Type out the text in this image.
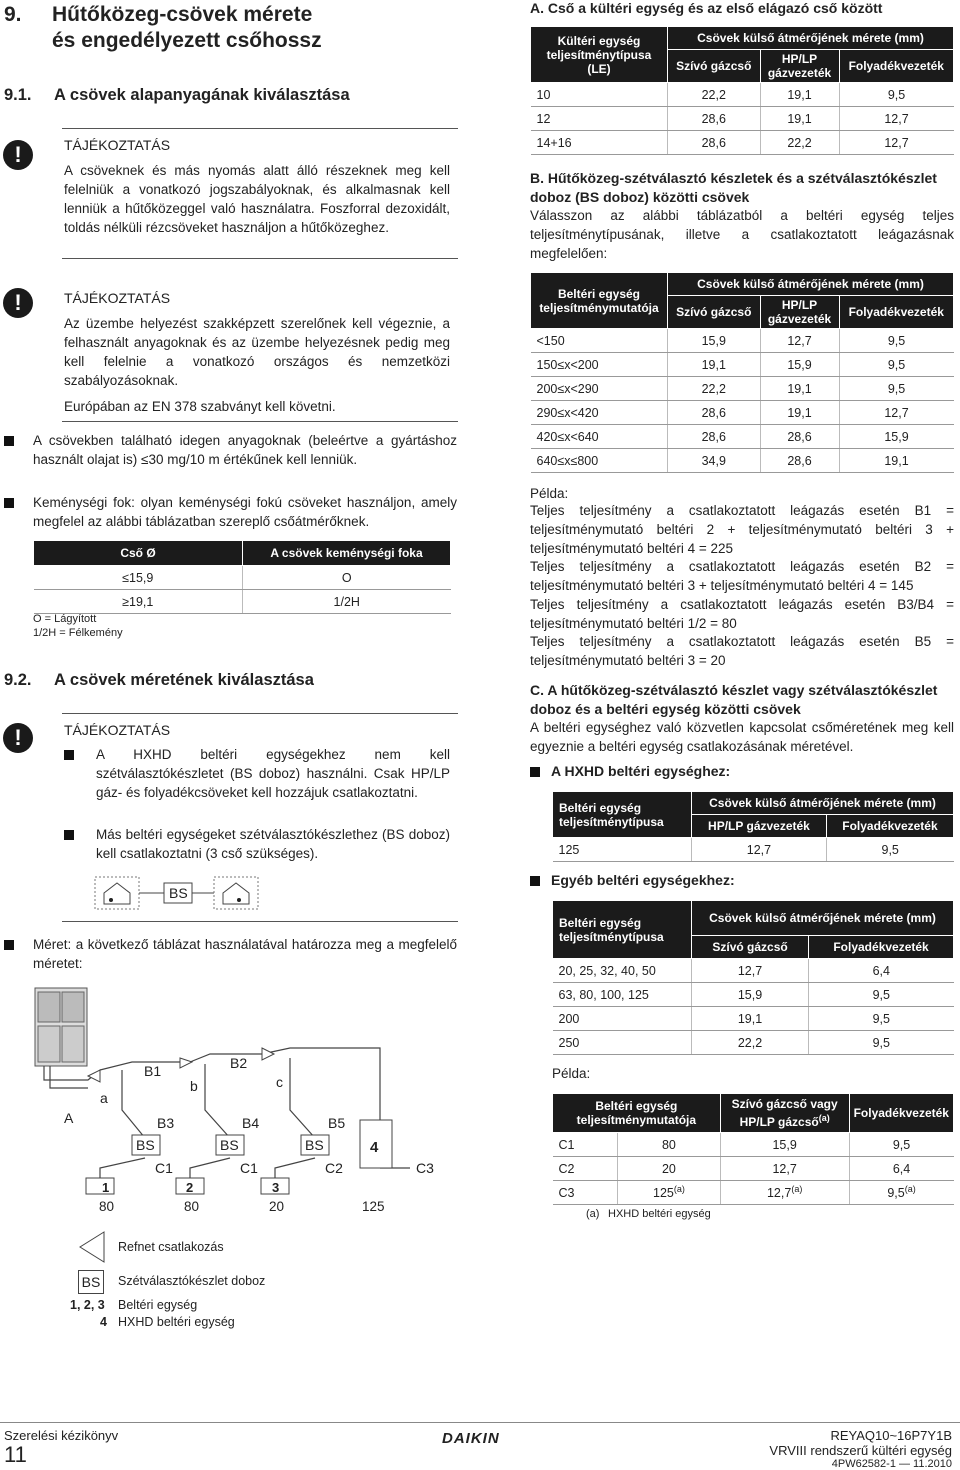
9. Hűtőközeg-csövek mérete
és engedélyezett csőhossz
9.1. A csövek alapanyagának kiválasztása
!	TÁJÉKOZTATÁS
A csöveknek és más nyomás alatt álló részeknek meg kell felelniük a vonatkozó jogszabályoknak, és alkalmasnak kell lenniük a hűtőközeggel való használatra. Foszforral dezoxidált, toldás nélküli rézcsöveket használjon a hűtőközeghez.
!	TÁJÉKOZTATÁS
Az üzembe helyezést szakképzett szerelőnek kell végeznie, a felhasznált anyagoknak és az üzembe helyezésnek pedig meg kell felelnie a vonatkozó országos és nemzetközi szabályozásoknak.
Európában az EN 378 szabványt kell követni.
A csövekben található idegen anyagoknak (beleértve a gyártáshoz használt olajat is) ≤30 mg/10 m értékűnek kell lenniük.
Keménységi fok: olyan keménységi fokú csöveket használjon, amely megfelel az alábbi táblázatban szereplő csőátmérőknek.
Cső Ø	A csövek keménységi foka
≤15,9	O
≥19,1	1/2H
O = Lágyított
1/2H = Félkemény
9.2. A csövek méretének kiválasztása
!	TÁJÉKOZTATÁS
A HXHD beltéri egységekhez nem kell szétválasztókészletet (BS doboz) használni. Csak HP/LP gáz- és folyadékcsöveket kell hozzájuk csatlakoztatni.
Más beltéri egységeket szétválasztókészlethez (BS doboz) kell csatlakoztatni (3 cső szükséges).
BS
Méret: a következő táblázat használatával határozza meg a megfelelő méretet:
A
a
b	c
B1	B2
B3	B4	B5
BS	BS	BS
C1	C1	C2	C3
4
1	2	3
80	80	20	125
Refnet csatlakozás
BS Szétválasztókészlet doboz
1, 2, 3 Beltéri egység
4 HXHD beltéri egység
A. Cső a kültéri egység és az első elágazó cső között
Kültéri egység teljesítménytípusa (LE)	Csövek külső átmérőjének mérete (mm)		
	Szívó gázcső	HP/LP gázvezeték	Folyadékvezeték
10	22,2	19,1	9,5
12	28,6	19,1	12,7
14+16	28,6	22,2	12,7
B. Hűtőközeg-szétválasztó készletek és a szétválasztókészlet doboz (BS doboz) közötti csövek
Válasszon az alábbi táblázatból a beltéri egység teljes teljesítménytípusának, illetve a csatlakoztatott leágazásnak megfelelően:
Beltéri egység teljesítménymutatója	Csövek külső átmérőjének mérete (mm)		
	Szívó gázcső	HP/LP gázvezeték	Folyadékvezeték
<150	15,9	12,7	9,5
150≤x<200	19,1	15,9	9,5
200≤x<290	22,2	19,1	9,5
290≤x<420	28,6	19,1	12,7
420≤x<640	28,6	28,6	15,9
640≤x≤800	34,9	28,6	19,1
Példa:
Teljes teljesítmény a csatlakoztatott leágazás esetén B1 = teljesítménymutató beltéri 2 + teljesítménymutató beltéri 3 + teljesítménymutató beltéri 4 = 225
Teljes teljesítmény a csatlakoztatott leágazás esetén B2 = teljesítménymutató beltéri 3 + teljesítménymutató beltéri 4 = 145
Teljes teljesítmény a csatlakoztatott leágazás esetén B3/B4 = teljesítménymutató beltéri 1/2 = 80
Teljes teljesítmény a csatlakoztatott leágazás esetén B5 = teljesítménymutató beltéri 3 = 20
C. A hűtőközeg-szétválasztó készlet vagy szétválasztókészlet doboz és a beltéri egység közötti csövek
A beltéri egységhez való közvetlen kapcsolat csőméretének meg kell egyeznie a beltéri egység csatlakozásának méretével.
A HXHD beltéri egységhez:
Beltéri egység teljesítménytípusa	Csövek külső átmérőjének mérete (mm)	
	HP/LP gázvezeték	Folyadékvezeték
125	12,7	9,5
Egyéb beltéri egységekhez:
Beltéri egység teljesítménytípusa	Csövek külső átmérőjének mérete (mm)	
	Szívó gázcső	Folyadékvezeték
20, 25, 32, 40, 50	12,7	6,4
63, 80, 100, 125	15,9	9,5
200	19,1	9,5
250	22,2	9,5
Példa:
Beltéri egység teljesítménymutatója		Szívó gázcső vagy HP/LP gázcső$^{(a)}$	Folyadékvezeték
C1	80	15,9	9,5
C2	20	12,7	6,4
C3	125$^{(a)}$	12,7$^{(a)}$	9,5$^{(a)}$
(a) HXHD beltéri egység
Szerelési kézikönyv
11
DAIKIN	REYAQ10~16P7Y1B
VRVIII rendszerű kültéri egység
4PW62582-1 — 11.2010
